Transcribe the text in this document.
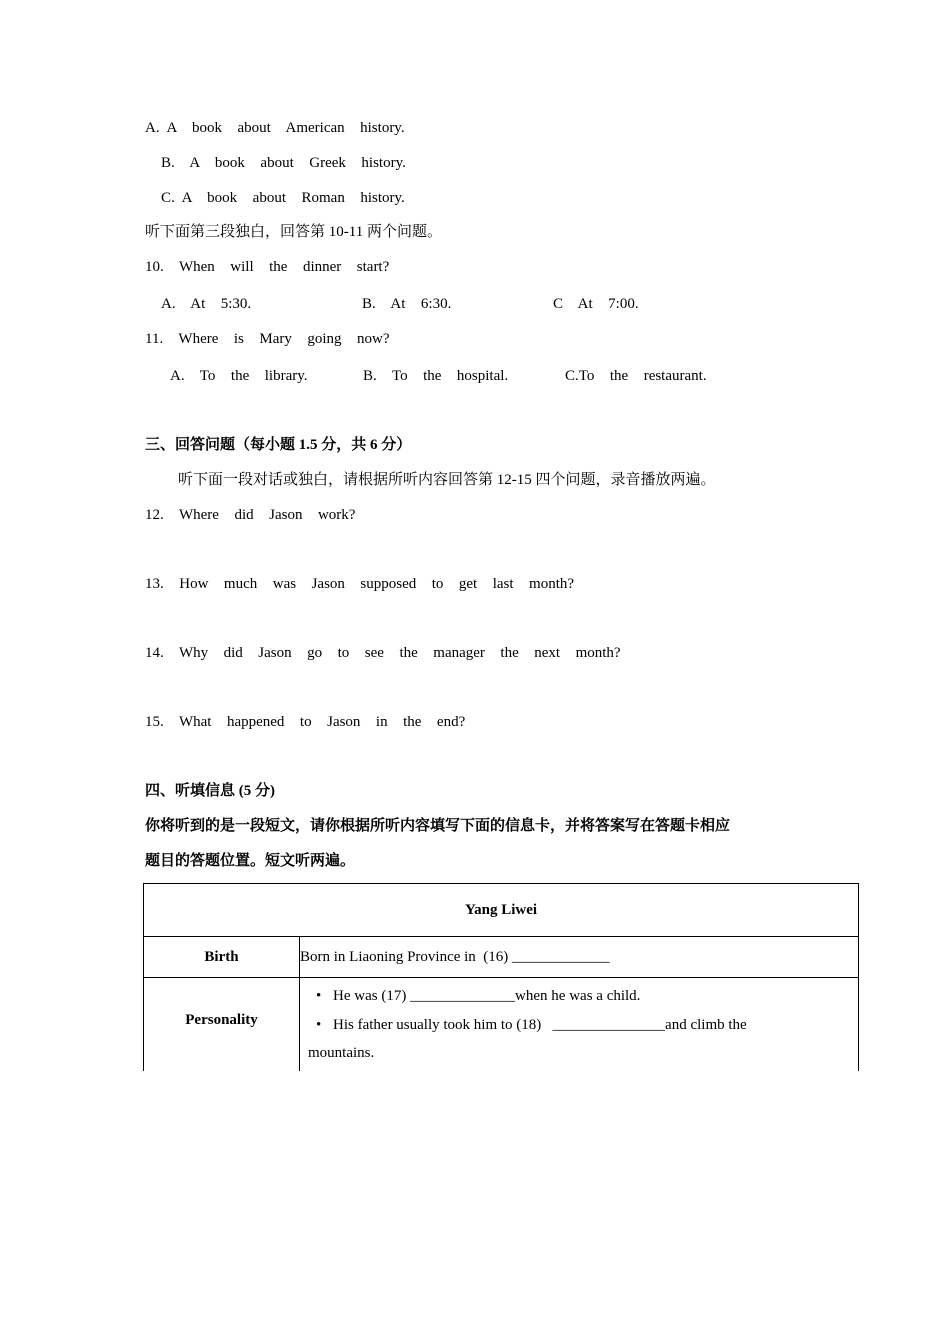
A. A  book  about  American  history.
B.  A  book  about  Greek  history.
C. A  book  about  Roman  history.
听下面第三段独白，回答第 10-11 两个问题。
10.  When  will  the  dinner  start?
A.  At  5:30.	B.  At  6:30.	C  At  7:00.
11.  Where  is  Mary  going  now?
A.  To  the  library.	B.  To  the  hospital.	C.To  the  restaurant.
三、回答问题（每小题 1.5 分，共 6 分）
听下面一段对话或独白，请根据所听内容回答第 12-15 四个问题，录音播放两遍。
12.  Where  did  Jason  work?
13.  How  much  was  Jason  supposed  to  get  last  month?
14.  Why  did  Jason  go  to  see  the  manager  the  next  month?
15.  What  happened  to  Jason  in  the  end?
四、听填信息 (5 分)
你将听到的是一段短文，请你根据所听内容填写下面的信息卡，并将答案写在答题卡相应
题目的答题位置。短文听两遍。
Yang Liwei	
Birth	Born in Liaoning Province in  (16) _____________
Personality	• He was (17) ______________when he was a child.
• His father usually took him to (18)   _______________and climb the
mountains.
